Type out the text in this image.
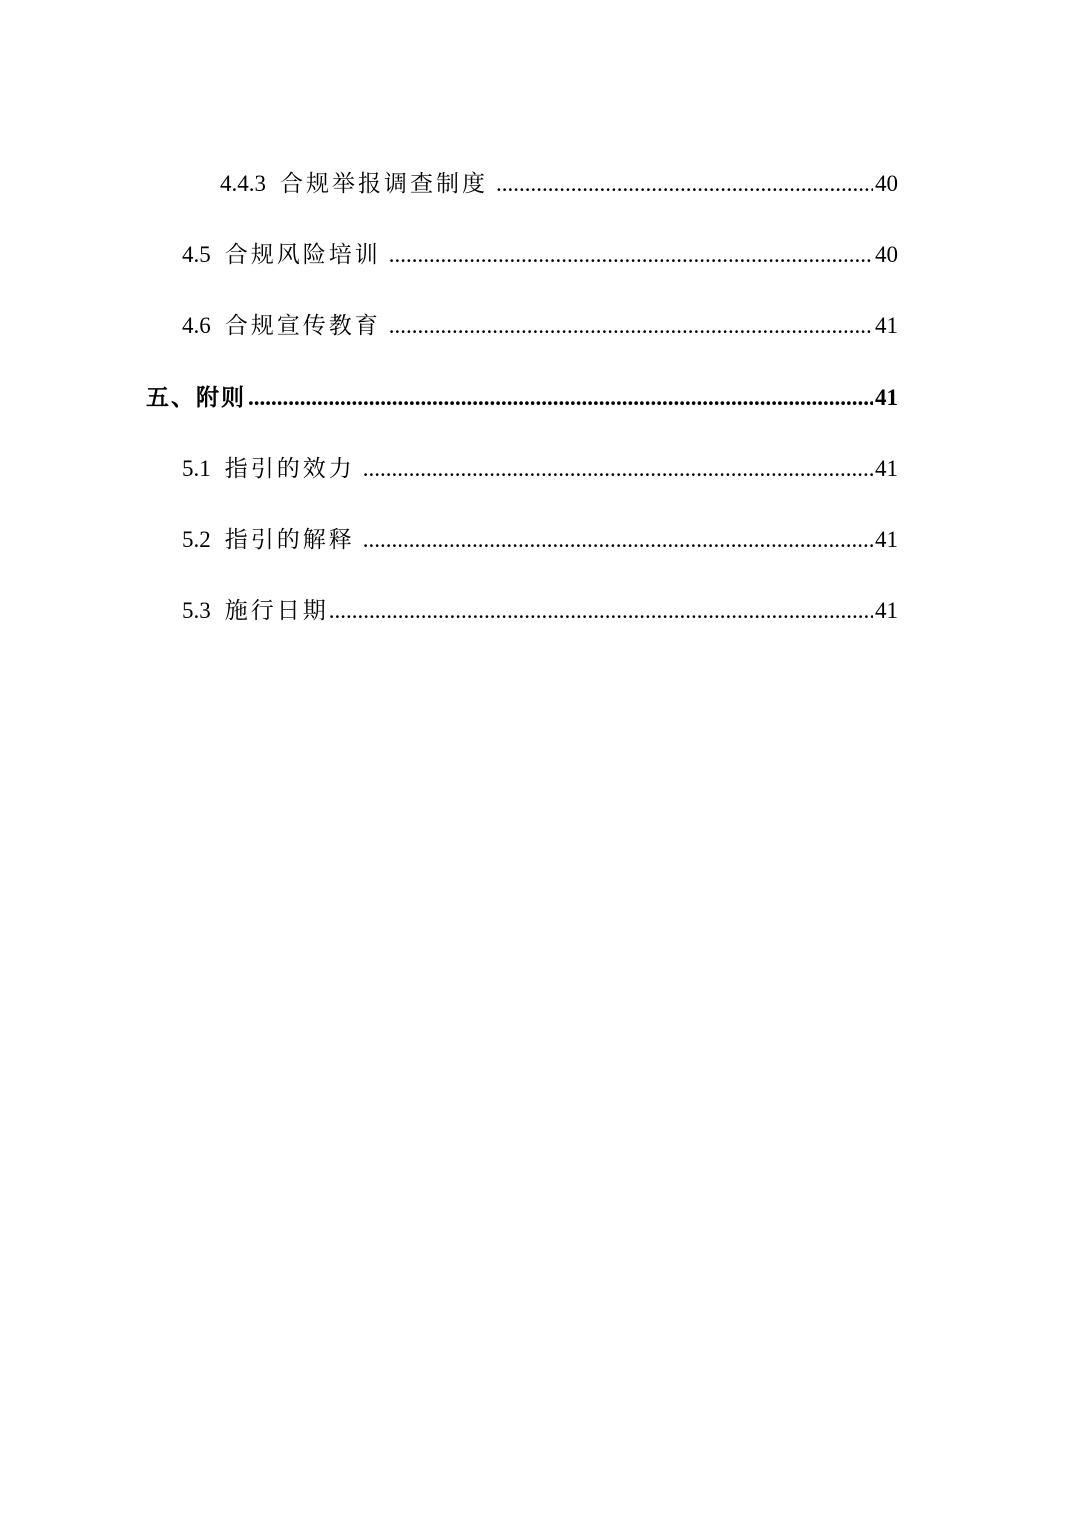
4.4.3 合规举报调查制度 .....	40
4.5 合规风险培训 .....	40
4.6 合规宣传教育 .....	41
五、附则 .....	41
5.1 指引的效力 .....	41
5.2 指引的解释 .....	41
5.3 施行日期 .....	41
